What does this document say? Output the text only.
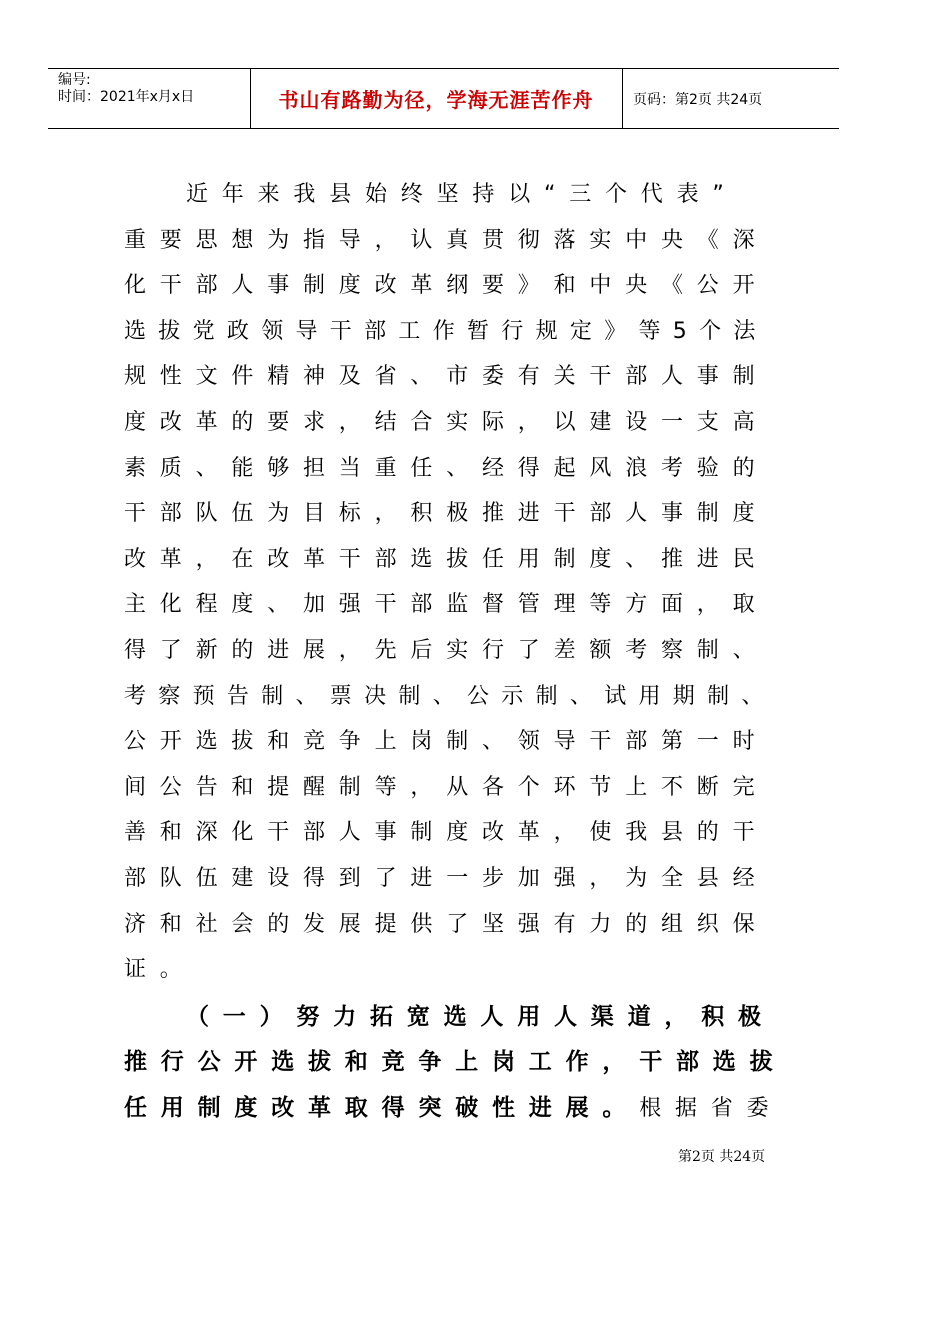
编号:
时间：2021年x月x日	书山有路勤为径，学海无涯苦作舟	页码：第2页 共24页
近年来我县始终坚持以“三个代表”
重要思想为指导，认真贯彻落实中央《深
化干部人事制度改革纲要》和中央《公开
选拔党政领导干部工作暂行规定》等5个法
规性文件精神及省、市委有关干部人事制
度改革的要求，结合实际，以建设一支高
素质、能够担当重任、经得起风浪考验的
干部队伍为目标，积极推进干部人事制度
改革，在改革干部选拔任用制度、推进民
主化程度、加强干部监督管理等方面，取
得了新的进展，先后实行了差额考察制、
考察预告制、票决制、公示制、试用期制、
公开选拔和竞争上岗制、领导干部第一时
间公告和提醒制等，从各个环节上不断完
善和深化干部人事制度改革，使我县的干
部队伍建设得到了进一步加强，为全县经
济和社会的发展提供了坚强有力的组织保
证。
（一）努力拓宽选人用人渠道，积极
推行公开选拔和竞争上岗工作，干部选拔
任用制度改革取得突破性进展。根据省委
第2页 共24页
